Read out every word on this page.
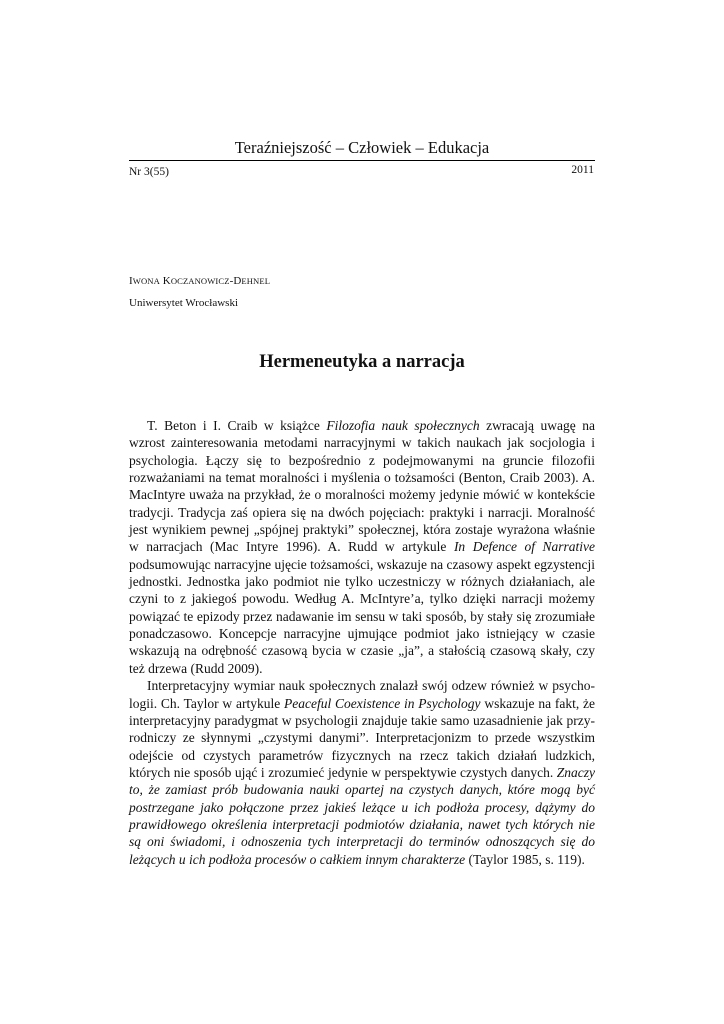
Teraźniejszość – Człowiek – Edukacja
Nr 3(55)	2011
IWONA KOCZANOWICZ-DEHNEL
Uniwersytet Wrocławski
Hermeneutyka a narracja

T. Beton i I. Craib w książce Filozofia nauk społecznych zwracają uwagę na wzrost zainteresowania metodami narracyjnymi w takich naukach jak socjologia i psychologia. Łączy się to bezpośrednio z podejmowanymi na gruncie filozofii rozważaniami na temat moralności i myślenia o tożsamości (Benton, Craib 2003). A. MacIntyre uważa na przykład, że o moralności możemy jedynie mówić w kontekście tradycji. Tradycja zaś opiera się na dwóch pojęciach: praktyki i narracji. Moralność jest wynikiem pewnej „spójnej praktyki” społecznej, która zostaje wyrażona właśnie w narracjach (Mac Intyre 1996). A. Rudd w artykule In Defence of Narrative podsumowując narracyjne ujęcie tożsamości, wskazuje na czasowy aspekt egzystencji jednostki. Jednostka jako podmiot nie tylko uczestniczy w różnych działaniach, ale czyni to z jakiegoś powodu. Według A. McIntyre’a, tylko dzięki narracji możemy powiązać te epizody przez nadawanie im sensu w taki sposób, by stały się zrozumiałe ponadczasowo. Koncepcje narracyjne ujmujące podmiot jako istniejący w czasie wskazują na odrębność czasową bycia w czasie „ja”, a stałością czasową skały, czy też drzewa (Rudd 2009).

Interpretacyjny wymiar nauk społecznych znalazł swój odzew również w psychologii. Ch. Taylor w artykule Peaceful Coexistence in Psychology wskazuje na fakt, że interpretacyjny paradygmat w psychologii znajduje takie samo uzasadnienie jak przyrodniczy ze słynnymi „czystymi danymi”. Interpretacjonizm to przede wszystkim odejście od czystych parametrów fizycznych na rzecz takich działań ludzkich, których nie sposób ująć i zrozumieć jedynie w perspektywie czystych danych. Znaczy to, że zamiast prób budowania nauki opartej na czystych danych, które mogą być postrzegane jako połączone przez jakieś leżące u ich podłoża procesy, dążymy do prawidłowego określenia interpretacji podmiotów działania, nawet tych których nie są oni świadomi, i odnoszenia tych interpretacji do terminów odnoszących się do leżących u ich podłoża procesów o całkiem innym charakterze (Taylor 1985, s. 119).
